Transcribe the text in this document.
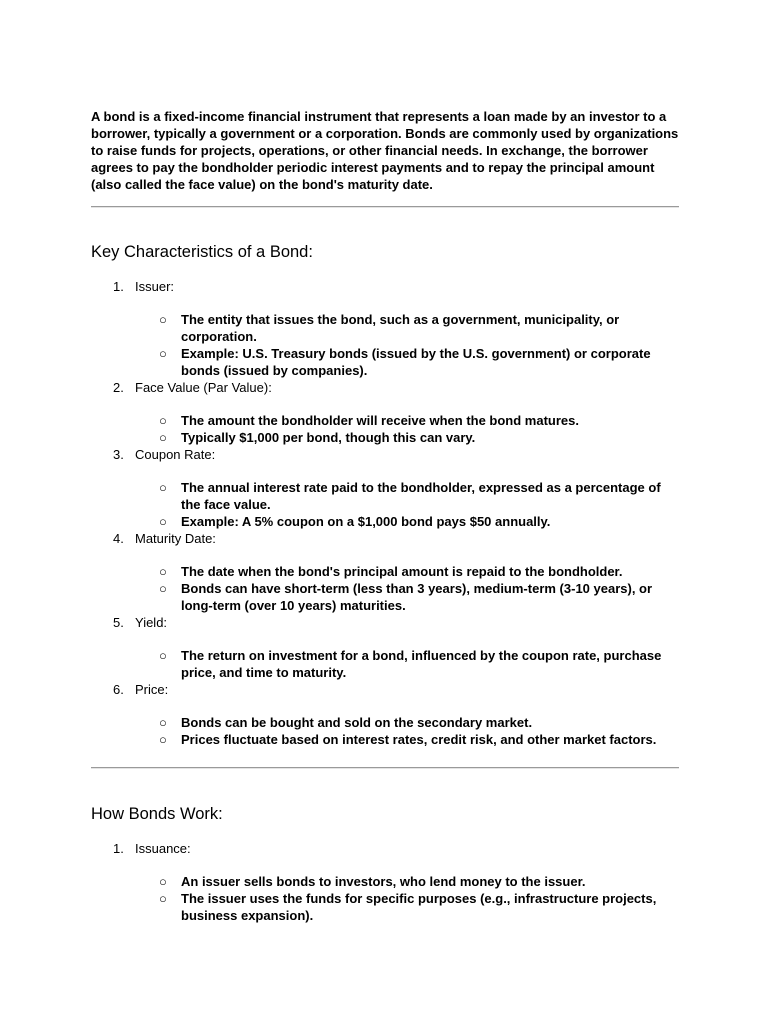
A bond is a fixed-income financial instrument that represents a loan made by an investor to a borrower, typically a government or a corporation. Bonds are commonly used by organizations to raise funds for projects, operations, or other financial needs. In exchange, the borrower agrees to pay the bondholder periodic interest payments and to repay the principal amount (also called the face value) on the bond's maturity date.

Key Characteristics of a Bond:
1. Issuer:
○ The entity that issues the bond, such as a government, municipality, or corporation.
○ Example: U.S. Treasury bonds (issued by the U.S. government) or corporate bonds (issued by companies).
2. Face Value (Par Value):
○ The amount the bondholder will receive when the bond matures.
○ Typically $1,000 per bond, though this can vary.
3. Coupon Rate:
○ The annual interest rate paid to the bondholder, expressed as a percentage of the face value.
○ Example: A 5% coupon on a $1,000 bond pays $50 annually.
4. Maturity Date:
○ The date when the bond's principal amount is repaid to the bondholder.
○ Bonds can have short-term (less than 3 years), medium-term (3-10 years), or long-term (over 10 years) maturities.
5. Yield:
○ The return on investment for a bond, influenced by the coupon rate, purchase price, and time to maturity.
6. Price:
○ Bonds can be bought and sold on the secondary market.
○ Prices fluctuate based on interest rates, credit risk, and other market factors.
How Bonds Work:
1. Issuance:
○ An issuer sells bonds to investors, who lend money to the issuer.
○ The issuer uses the funds for specific purposes (e.g., infrastructure projects, business expansion).
